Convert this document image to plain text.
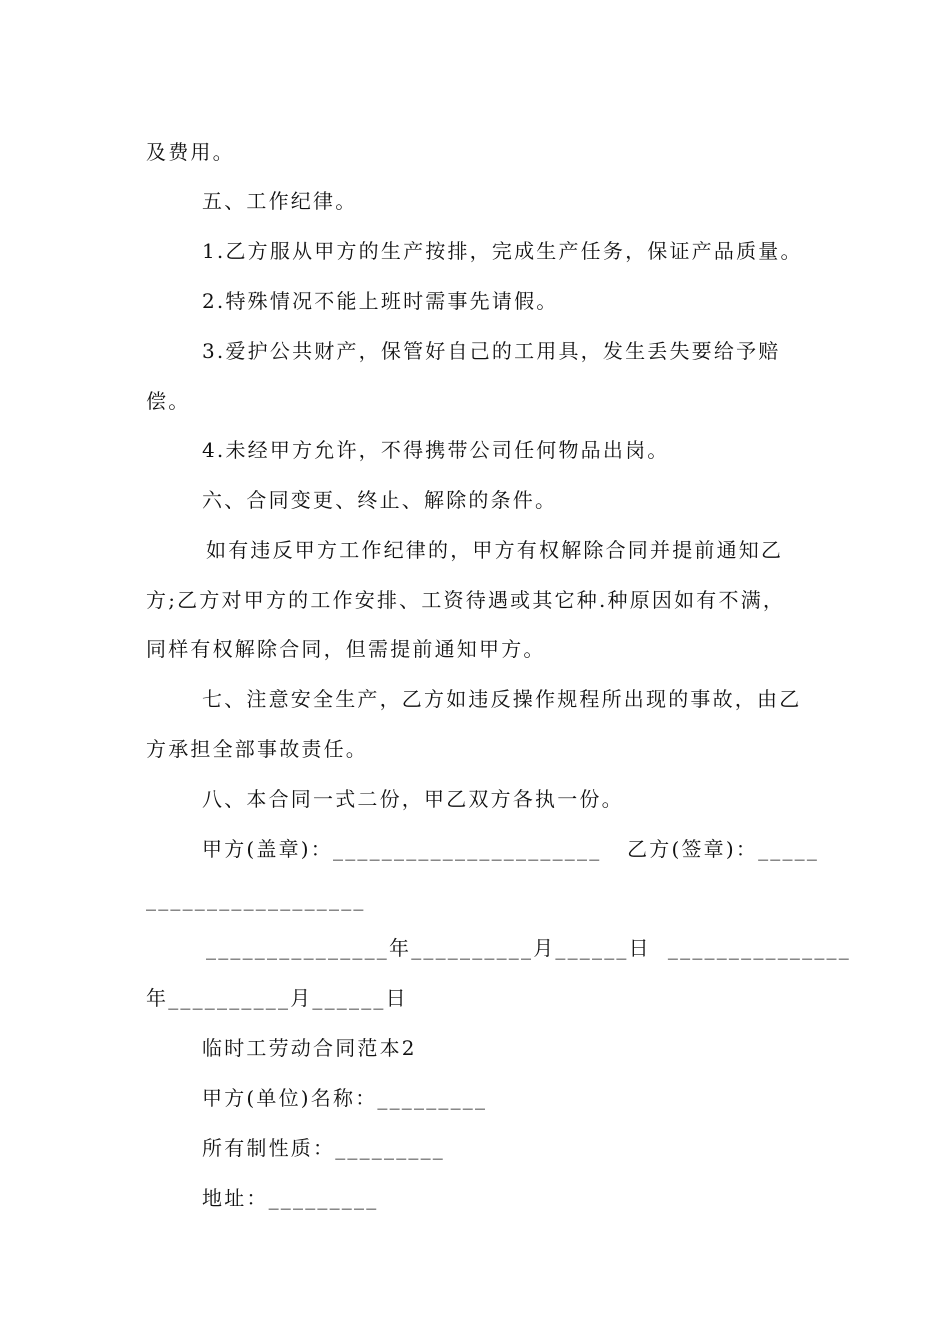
及费用。
五、工作纪律。
1.乙方服从甲方的生产按排，完成生产任务，保证产品质量。
2.特殊情况不能上班时需事先请假。
3.爱护公共财产，保管好自己的工用具，发生丢失要给予赔
偿。
4.未经甲方允许，不得携带公司任何物品出岗。
六、合同变更、终止、解除的条件。
如有违反甲方工作纪律的，甲方有权解除合同并提前通知乙
方;乙方对甲方的工作安排、工资待遇或其它种.种原因如有不满，
同样有权解除合同，但需提前通知甲方。
七、注意安全生产，乙方如违反操作规程所出现的事故，由乙
方承担全部事故责任。
八、本合同一式二份，甲乙双方各执一份。
甲方(盖章)：______________________   乙方(签章)：_____
__________________
_______________年__________月______日  _______________
年__________月______日
临时工劳动合同范本2
甲方(单位)名称：_________
所有制性质：_________
地址：_________
